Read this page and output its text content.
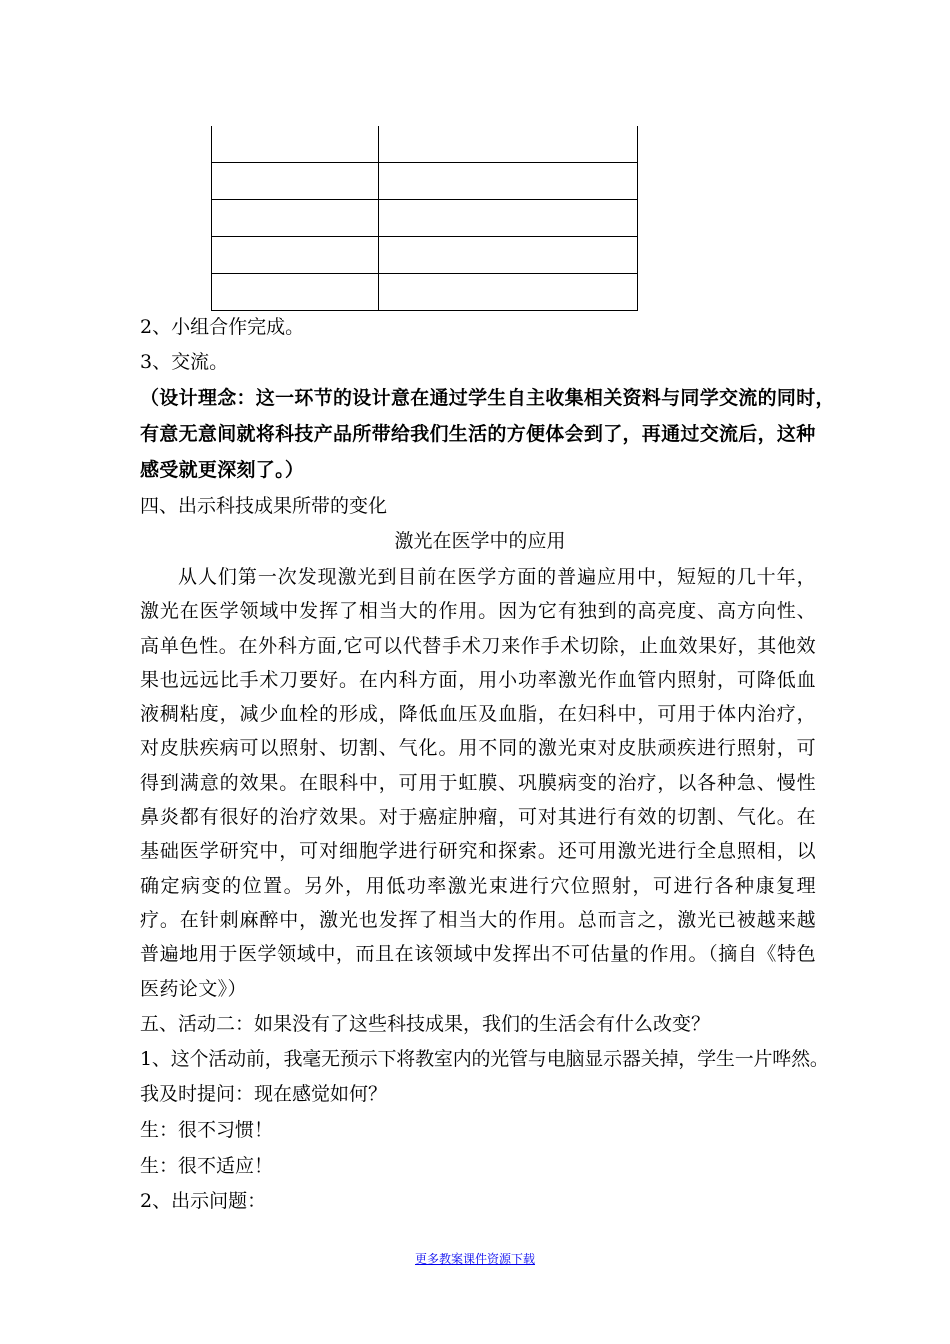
2、小组合作完成。
3、交流。
（设计理念：这一环节的设计意在通过学生自主收集相关资料与同学交流的同时，
有意无意间就将科技产品所带给我们生活的方便体会到了，再通过交流后，这种
感受就更深刻了。）
四、出示科技成果所带的变化
激光在医学中的应用
从人们第一次发现激光到目前在医学方面的普遍应用中，短短的几十年，激光在医学领域中发挥了相当大的作用。因为它有独到的高亮度、高方向性、高单色性。在外科方面,它可以代替手术刀来作手术切除，止血效果好，其他效果也远远比手术刀要好。在内科方面，用小功率激光作血管内照射，可降低血液稠粘度，减少血栓的形成，降低血压及血脂，在妇科中，可用于体内治疗，对皮肤疾病可以照射、切割、气化。用不同的激光束对皮肤顽疾进行照射，可得到满意的效果。在眼科中，可用于虹膜、巩膜病变的治疗，以各种急、慢性鼻炎都有很好的治疗效果。对于癌症肿瘤，可对其进行有效的切割、气化。在基础医学研究中，可对细胞学进行研究和探索。还可用激光进行全息照相，以确定病变的位置。另外，用低功率激光束进行穴位照射，可进行各种康复理疗。在针刺麻醉中，激光也发挥了相当大的作用。总而言之，激光已被越来越普遍地用于医学领域中，而且在该领域中发挥出不可估量的作用。（摘自《特色医药论文》）
五、活动二：如果没有了这些科技成果，我们的生活会有什么改变？
1、这个活动前，我毫无预示下将教室内的光管与电脑显示器关掉，学生一片哗然。
我及时提问：现在感觉如何？
生：很不习惯！
生：很不适应！
2、出示问题：
更多教案课件资源下载
